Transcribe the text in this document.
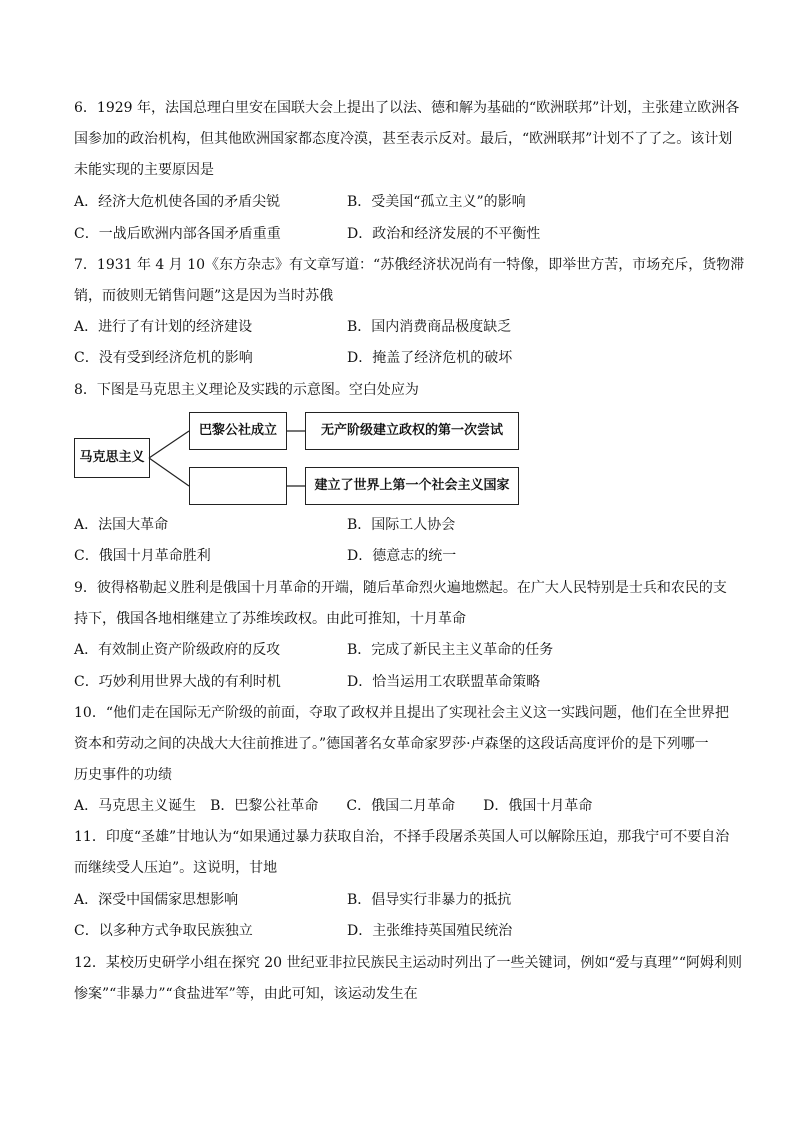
6．1929 年，法国总理白里安在国联大会上提出了以法、德和解为基础的“欧洲联邦”计划，主张建立欧洲各
国参加的政治机构，但其他欧洲国家都态度冷漠，甚至表示反对。最后，“欧洲联邦”计划不了了之。该计划
未能实现的主要原因是
A．经济大危机使各国的矛盾尖锐	B．受美国“孤立主义”的影响
C．一战后欧洲内部各国矛盾重重	D．政治和经济发展的不平衡性
7．1931 年 4 月 10《东方杂志》有文章写道：“苏俄经济状况尚有一特像，即举世方苦，市场充斥，货物滞
销，而彼则无销售问题”这是因为当时苏俄
A．进行了有计划的经济建设	B．国内消费商品极度缺乏
C．没有受到经济危机的影响	D．掩盖了经济危机的破坏
8．下图是马克思主义理论及实践的示意图。空白处应为
马克思主义
巴黎公社成立	无产阶级建立政权的第一次尝试
建立了世界上第一个社会主义国家
A．法国大革命	B．国际工人协会
C．俄国十月革命胜利	D．德意志的统一
9．彼得格勒起义胜利是俄国十月革命的开端，随后革命烈火遍地燃起。在广大人民特别是士兵和农民的支
持下，俄国各地相继建立了苏维埃政权。由此可推知，十月革命
A．有效制止资产阶级政府的反攻	B．完成了新民主主义革命的任务
C．巧妙利用世界大战的有利时机	D．恰当运用工农联盟革命策略
10．“他们走在国际无产阶级的前面，夺取了政权并且提出了实现社会主义这一实践问题，他们在全世界把
资本和劳动之间的决战大大往前推进了。”德国著名女革命家罗莎·卢森堡的这段话高度评价的是下列哪一
历史事件的功绩
A．马克思主义诞生　B．巴黎公社革命　　C．俄国二月革命　　D．俄国十月革命
11．印度“圣雄”甘地认为“如果通过暴力获取自治，不择手段屠杀英国人可以解除压迫，那我宁可不要自治
而继续受人压迫”。这说明，甘地
A．深受中国儒家思想影响	B．倡导实行非暴力的抵抗
C．以多种方式争取民族独立	D．主张维持英国殖民统治
12．某校历史研学小组在探究 20 世纪亚非拉民族民主运动时列出了一些关键词，例如“爱与真理”“阿姆利则
惨案”“非暴力”“食盐进军”等，由此可知，该运动发生在
